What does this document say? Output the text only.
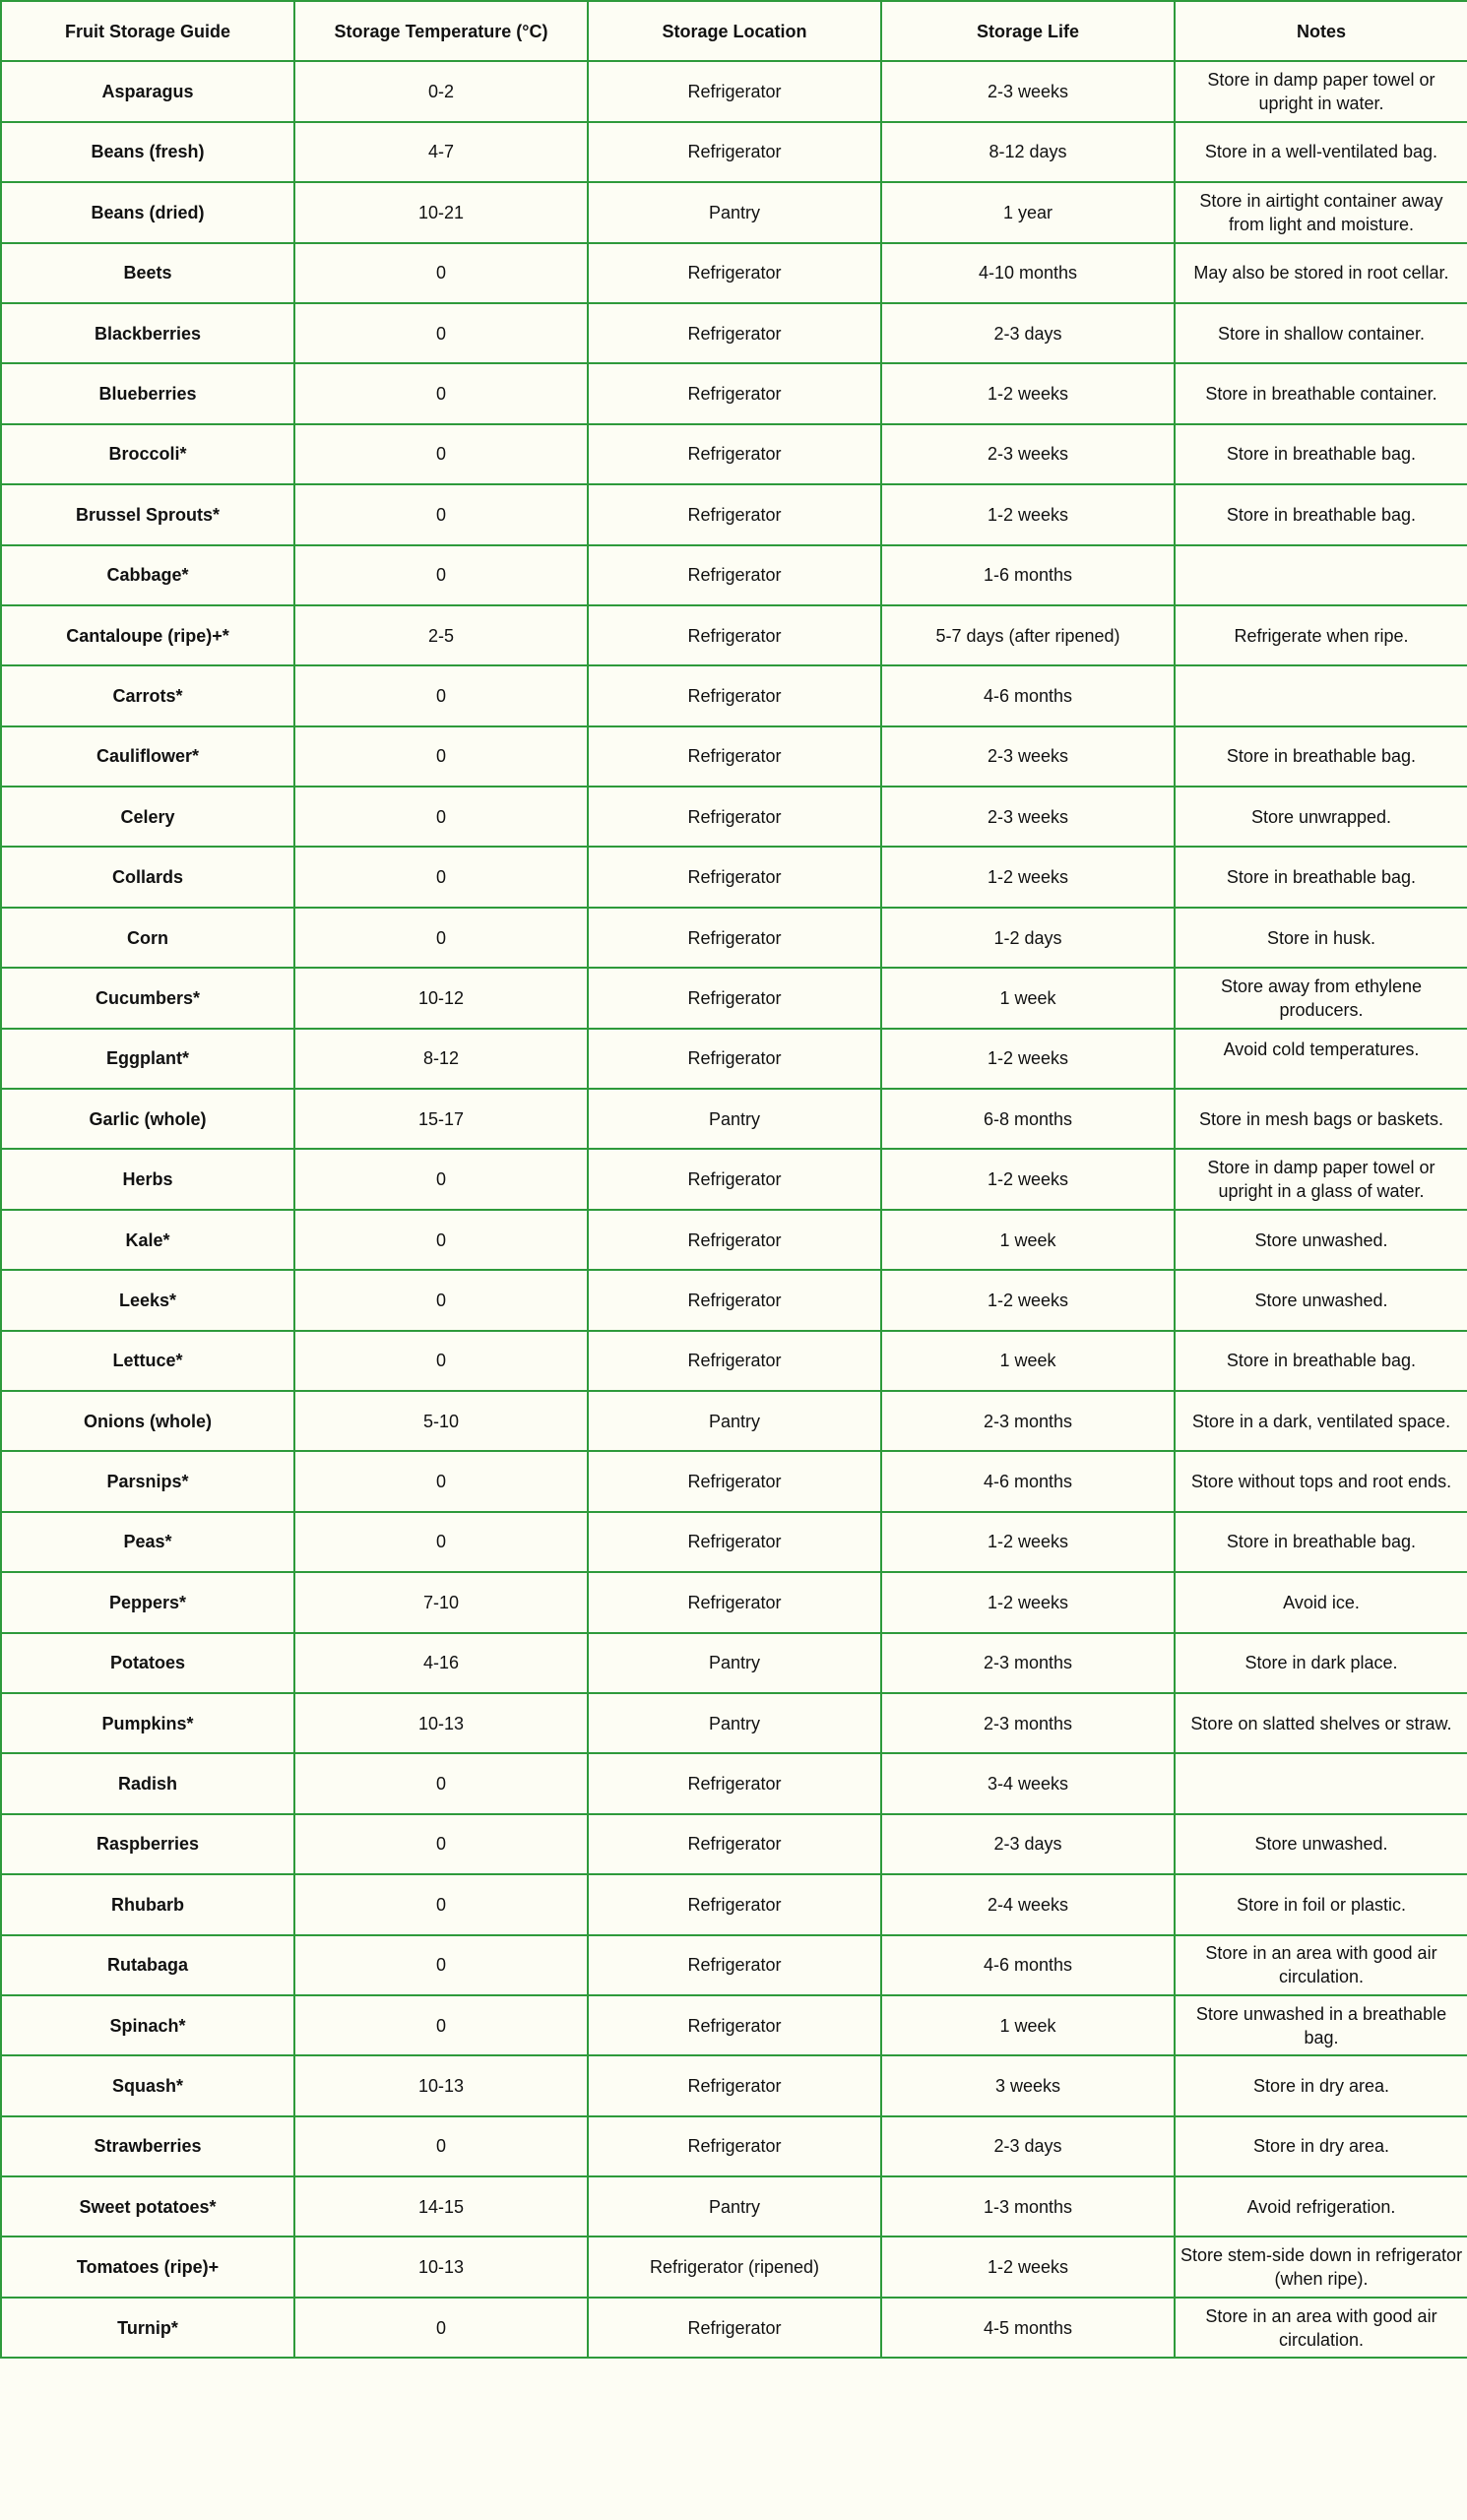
Fruit Storage Guide	Storage Temperature (°C)	Storage Location	Storage Life	Notes
Asparagus	0-2	Refrigerator	2-3 weeks	Store in damp paper towel or upright in water.
Beans (fresh)	4-7	Refrigerator	8-12 days	Store in a well-ventilated bag.
Beans (dried)	10-21	Pantry	1 year	Store in airtight container away from light and moisture.
Beets	0	Refrigerator	4-10 months	May also be stored in root cellar.
Blackberries	0	Refrigerator	2-3 days	Store in shallow container.
Blueberries	0	Refrigerator	1-2 weeks	Store in breathable container.
Broccoli*	0	Refrigerator	2-3 weeks	Store in breathable bag.
Brussel Sprouts*	0	Refrigerator	1-2 weeks	Store in breathable bag.
Cabbage*	0	Refrigerator	1-6 months	
Cantaloupe (ripe)+*	2-5	Refrigerator	5-7 days (after ripened)	Refrigerate when ripe.
Carrots*	0	Refrigerator	4-6 months	
Cauliflower*	0	Refrigerator	2-3 weeks	Store in breathable bag.
Celery	0	Refrigerator	2-3 weeks	Store unwrapped.
Collards	0	Refrigerator	1-2 weeks	Store in breathable bag.
Corn	0	Refrigerator	1-2 days	Store in husk.
Cucumbers*	10-12	Refrigerator	1 week	Store away from ethylene producers.
Eggplant*	8-12	Refrigerator	1-2 weeks	Avoid cold temperatures.
Garlic (whole)	15-17	Pantry	6-8 months	Store in mesh bags or baskets.
Herbs	0	Refrigerator	1-2 weeks	Store in damp paper towel or upright in a glass of water.
Kale*	0	Refrigerator	1 week	Store unwashed.
Leeks*	0	Refrigerator	1-2 weeks	Store unwashed.
Lettuce*	0	Refrigerator	1 week	Store in breathable bag.
Onions (whole)	5-10	Pantry	2-3 months	Store in a dark, ventilated space.
Parsnips*	0	Refrigerator	4-6 months	Store without tops and root ends.
Peas*	0	Refrigerator	1-2 weeks	Store in breathable bag.
Peppers*	7-10	Refrigerator	1-2 weeks	Avoid ice.
Potatoes	4-16	Pantry	2-3 months	Store in dark place.
Pumpkins*	10-13	Pantry	2-3 months	Store on slatted shelves or straw.
Radish	0	Refrigerator	3-4 weeks	
Raspberries	0	Refrigerator	2-3 days	Store unwashed.
Rhubarb	0	Refrigerator	2-4 weeks	Store in foil or plastic.
Rutabaga	0	Refrigerator	4-6 months	Store in an area with good air circulation.
Spinach*	0	Refrigerator	1 week	Store unwashed in a breathable bag.
Squash*	10-13	Refrigerator	3 weeks	Store in dry area.
Strawberries	0	Refrigerator	2-3 days	Store in dry area.
Sweet potatoes*	14-15	Pantry	1-3 months	Avoid refrigeration.
Tomatoes (ripe)+	10-13	Refrigerator (ripened)	1-2 weeks	Store stem-side down in refrigerator (when ripe).
Turnip*	0	Refrigerator	4-5 months	Store in an area with good air circulation.
